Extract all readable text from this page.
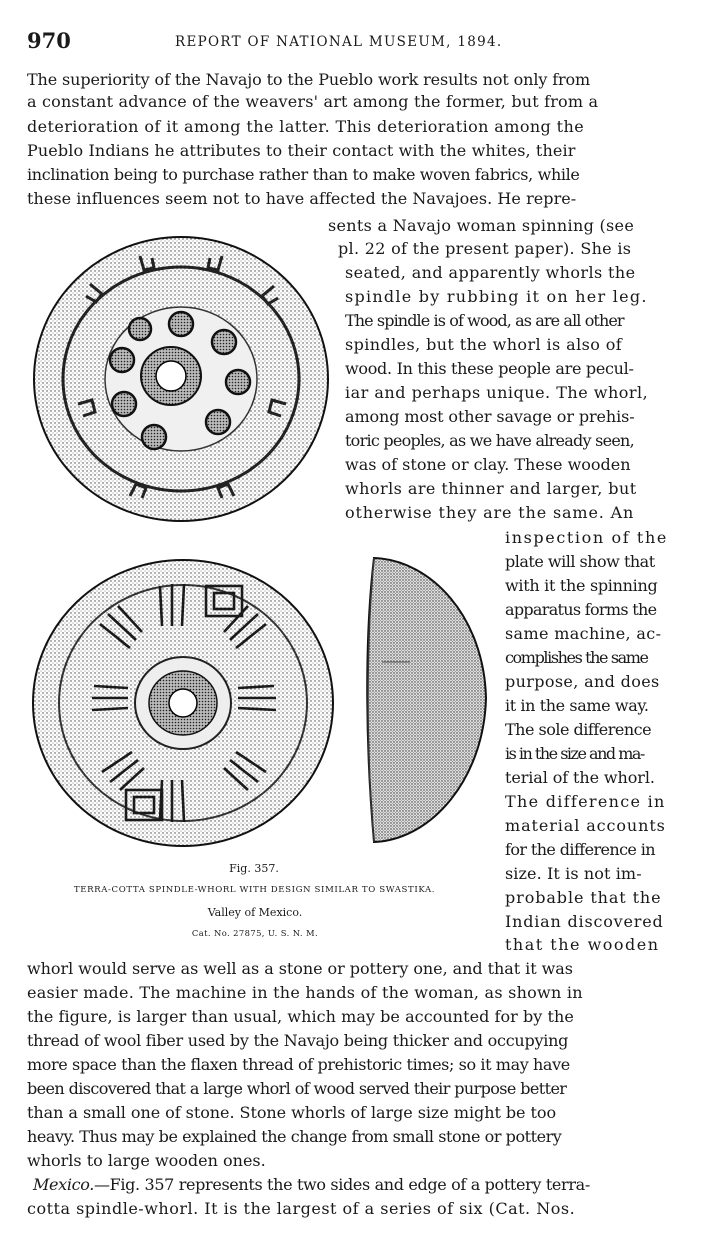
970	REPORT OF NATIONAL MUSEUM, 1894.
The superiority of the Navajo to the Pueblo work results not only from
a constant advance of the weavers' art among the former, but from a
deterioration of it among the latter. This deterioration among the
Pueblo Indians he attributes to their contact with the whites, their
inclination being to purchase rather than to make woven fabrics, while
these influences seem not to have affected the Navajoes. He repre-
sents a Navajo woman spinning (see
pl. 22 of the present paper). She is
seated, and apparently whorls the
spindle by rubbing it on her leg.
The spindle is of wood, as are all other
spindles, but the whorl is also of
wood. In this these people are pecul-
iar and perhaps unique. The whorl,
among most other savage or prehis-
toric peoples, as we have already seen,
was of stone or clay. These wooden
whorls are thinner and larger, but
otherwise they are the same. An
inspection of the
plate will show that
with it the spinning
apparatus forms the
same machine, ac-
complishes the same
purpose, and does
it in the same way.
The sole difference
is in the size and ma-
terial of the whorl.
The difference in
material accounts
for the difference in
size. It is not im-
probable that the
Indian discovered
that the wooden
whorl would serve as well as a stone or pottery one, and that it was
easier made. The machine in the hands of the woman, as shown in
the figure, is larger than usual, which may be accounted for by the
thread of wool fiber used by the Navajo being thicker and occupying
more space than the flaxen thread of prehistoric times; so it may have
been discovered that a large whorl of wood served their purpose better
than a small one of stone. Stone whorls of large size might be too
heavy. Thus may be explained the change from small stone or pottery
whorls to large wooden ones.
Mexico.—Fig. 357 represents the two sides and edge of a pottery terra-
cotta spindle-whorl. It is the largest of a series of six (Cat. Nos.
Fig. 357.
TERRA-COTTA SPINDLE-WHORL WITH DESIGN SIMILAR TO SWASTIKA.
Valley of Mexico.
Cat. No. 27875, U. S. N. M.
